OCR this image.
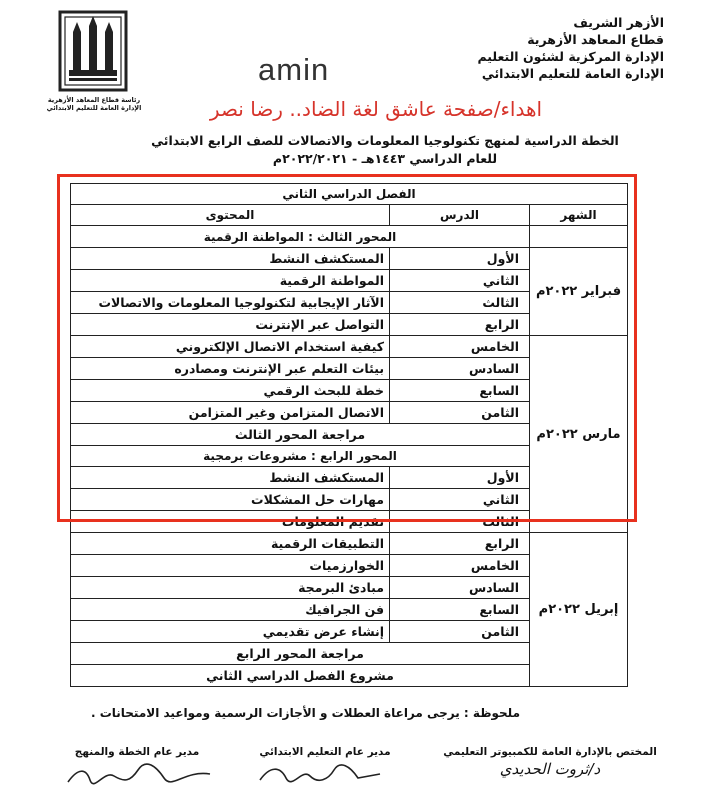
الأزهر الشريف
قطاع المعاهد الأزهرية
الإدارة المركزية لشئون التعليم
الإدارة العامة للتعليم الابتدائي
رئاسة قطاع المعاهد الأزهرية
الإدارة العامة للتعليم الابتدائي
amin
اهداء/صفحة عاشق لغة الضاد.. رضا نصر
الخطة الدراسية لمنهج تكنولوجيا المعلومات والاتصالات للصف الرابع الابتدائي
للعام الدراسي ١٤٤٣هـ - ٢٠٢٢/٢٠٢١م
الفصل الدراسي الثاني		
الشهر	الدرس	المحتوى
	المحور الثالث : المواطنة الرقمية	
فبراير ٢٠٢٢م	الأول	المستكشف النشط
	الثاني	المواطنة الرقمية
	الثالث	الآثار الإيجابية لتكنولوجيا المعلومات والاتصالات
	الرابع	التواصل عبر الإنترنت
مارس ٢٠٢٢م	الخامس	كيفية استخدام الاتصال الإلكتروني
	السادس	بيئات التعلم عبر الإنترنت ومصادره
	السابع	خطة للبحث الرقمي
	الثامن	الاتصال المتزامن وغير المتزامن
	مراجعة المحور الثالث	
	المحور الرابع : مشروعات برمجية	
	الأول	المستكشف النشط
	الثاني	مهارات حل المشكلات
	الثالث	تقديم المعلومات
إبريل ٢٠٢٢م	الرابع	التطبيقات الرقمية
	الخامس	الخوارزميات
	السادس	مبادئ البرمجة
	السابع	فن الجرافيك
	الثامن	إنشاء عرض تقديمي
	مراجعة المحور الرابع	
	مشروع الفصل الدراسي الثاني	
ملحوظة : يرجى مراعاة العطلات و الأجازات الرسمية ومواعيد الامتحانات .
المختص بالإدارة العامة للكمبيوتر التعليمي
مدير عام التعليم الابتدائي
مدير عام الخطة والمنهج
د/ثروت الحديدي
